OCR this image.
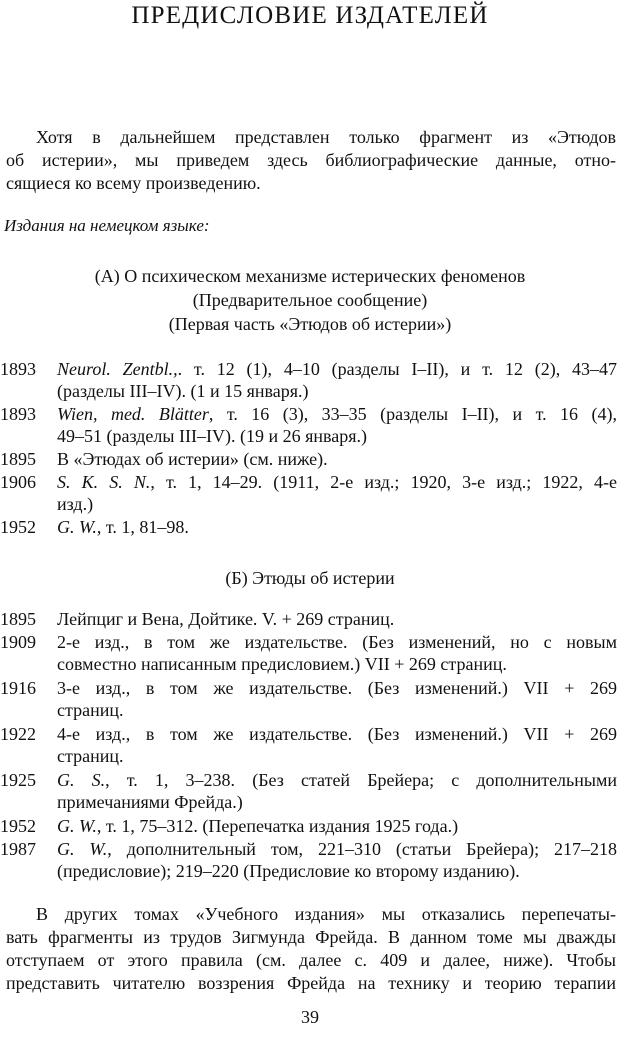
ПРЕДИСЛОВИЕ ИЗДАТЕЛЕЙ
Хотя в дальнейшем представлен только фрагмент из «Этюдов
об истерии», мы приведем здесь библиографические данные, отно-
сящиеся ко всему произведению.
Издания на немецком языке:
(А) О психическом механизме истерических феноменов
(Предварительное сообщение)
(Первая часть «Этюдов об истерии»)
1893	Neurol. Zentbl.,. т. 12 (1), 4–10 (разделы I–II), и т. 12 (2), 43–47
(разделы III–IV). (1 и 15 января.)
1893	Wien, med. Blätter, т. 16 (3), 33–35 (разделы I–II), и т. 16 (4),
49–51 (разделы III–IV). (19 и 26 января.)
1895	В «Этюдах об истерии» (см. ниже).
1906	S. K. S. N., т. 1, 14–29. (1911, 2-е изд.; 1920, 3-е изд.; 1922, 4-е
изд.)
1952	G. W., т. 1, 81–98.
(Б) Этюды об истерии
1895	Лейпциг и Вена, Дойтике. V. + 269 страниц.
1909	2-е изд., в том же издательстве. (Без изменений, но с новым
совместно написанным предисловием.) VII + 269 страниц.
1916	3-е изд., в том же издательстве. (Без изменений.) VII + 269
страниц.
1922	4-е изд., в том же издательстве. (Без изменений.) VII + 269
страниц.
1925	G. S., т. 1, 3–238. (Без статей Брейера; с дополнительными
примечаниями Фрейда.)
1952	G. W., т. 1, 75–312. (Перепечатка издания 1925 года.)
1987	G. W., дополнительный том, 221–310 (статьи Брейера); 217–218
(предисловие); 219–220 (Предисловие ко второму изданию).
В других томах «Учебного издания» мы отказались перепечаты-
вать фрагменты из трудов Зигмунда Фрейда. В данном томе мы дважды
отступаем от этого правила (см. далее с. 409 и далее, ниже). Чтобы
представить читателю воззрения Фрейда на технику и теорию терапии
39
